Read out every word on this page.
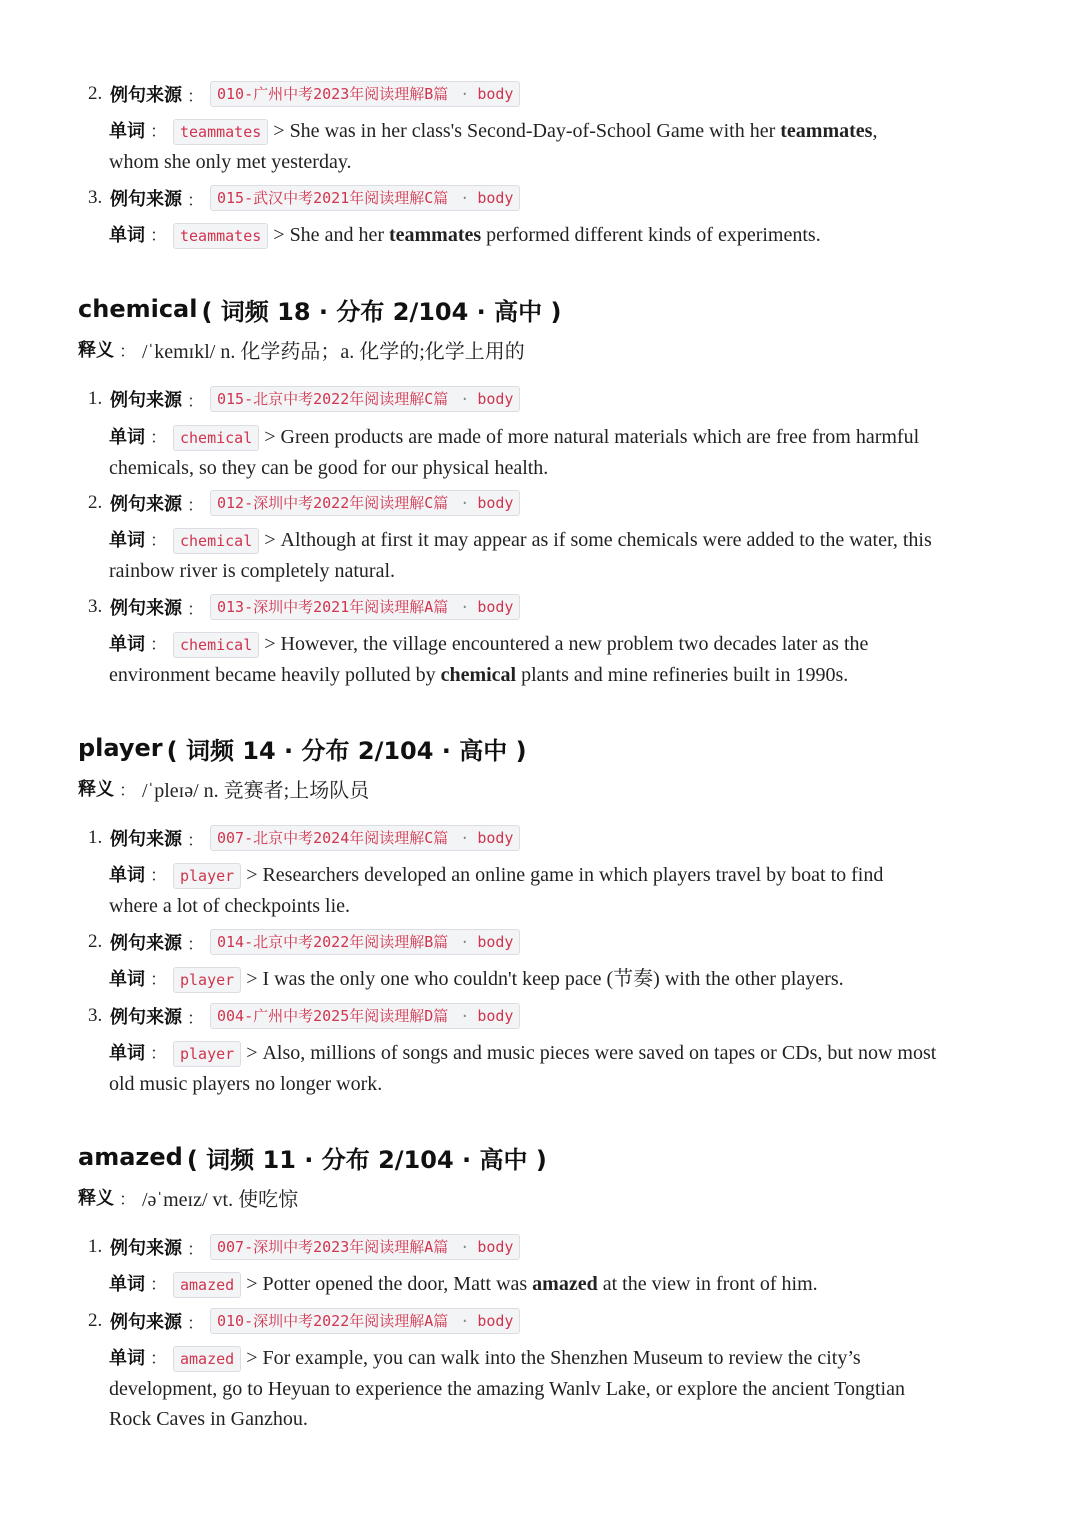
2. 例句来源 ： 010-广州中考2023年阅读理解B篇 · body
单词 ： teammates > She was in her class's Second-Day-of-School Game with her teammates,
whom she only met yesterday.
3. 例句来源 ： 015-武汉中考2021年阅读理解C篇 · body
单词 ： teammates > She and her teammates performed different kinds of experiments.
chemical ( 词频 18 · 分布 2/104 · 高中 )
释义 ： /ˈkemɪkl/ n. 化学药品；a. 化学的;化学上用的
1. 例句来源 ： 015-北京中考2022年阅读理解C篇 · body
单词 ： chemical > Green products are made of more natural materials which are free from harmful
chemicals, so they can be good for our physical health.
2. 例句来源 ： 012-深圳中考2022年阅读理解C篇 · body
单词 ： chemical > Although at first it may appear as if some chemicals were added to the water, this
rainbow river is completely natural.
3. 例句来源 ： 013-深圳中考2021年阅读理解A篇 · body
单词 ： chemical > However, the village encountered a new problem two decades later as the
environment became heavily polluted by chemical plants and mine refineries built in 1990s.
player ( 词频 14 · 分布 2/104 · 高中 )
释义 ： /ˈpleɪə/ n. 竞赛者;上场队员
1. 例句来源 ： 007-北京中考2024年阅读理解C篇 · body
单词 ： player > Researchers developed an online game in which players travel by boat to find
where a lot of checkpoints lie.
2. 例句来源 ： 014-北京中考2022年阅读理解B篇 · body
单词 ： player > I was the only one who couldn't keep pace (节奏) with the other players.
3. 例句来源 ： 004-广州中考2025年阅读理解D篇 · body
单词 ： player > Also, millions of songs and music pieces were saved on tapes or CDs, but now most
old music players no longer work.
amazed ( 词频 11 · 分布 2/104 · 高中 )
释义 ： /əˈmeɪz/ vt. 使吃惊
1. 例句来源 ： 007-深圳中考2023年阅读理解A篇 · body
单词 ： amazed > Potter opened the door, Matt was amazed at the view in front of him.
2. 例句来源 ： 010-深圳中考2022年阅读理解A篇 · body
单词 ： amazed > For example, you can walk into the Shenzhen Museum to review the city’s
development, go to Heyuan to experience the amazing Wanlv Lake, or explore the ancient Tongtian
Rock Caves in Ganzhou.
